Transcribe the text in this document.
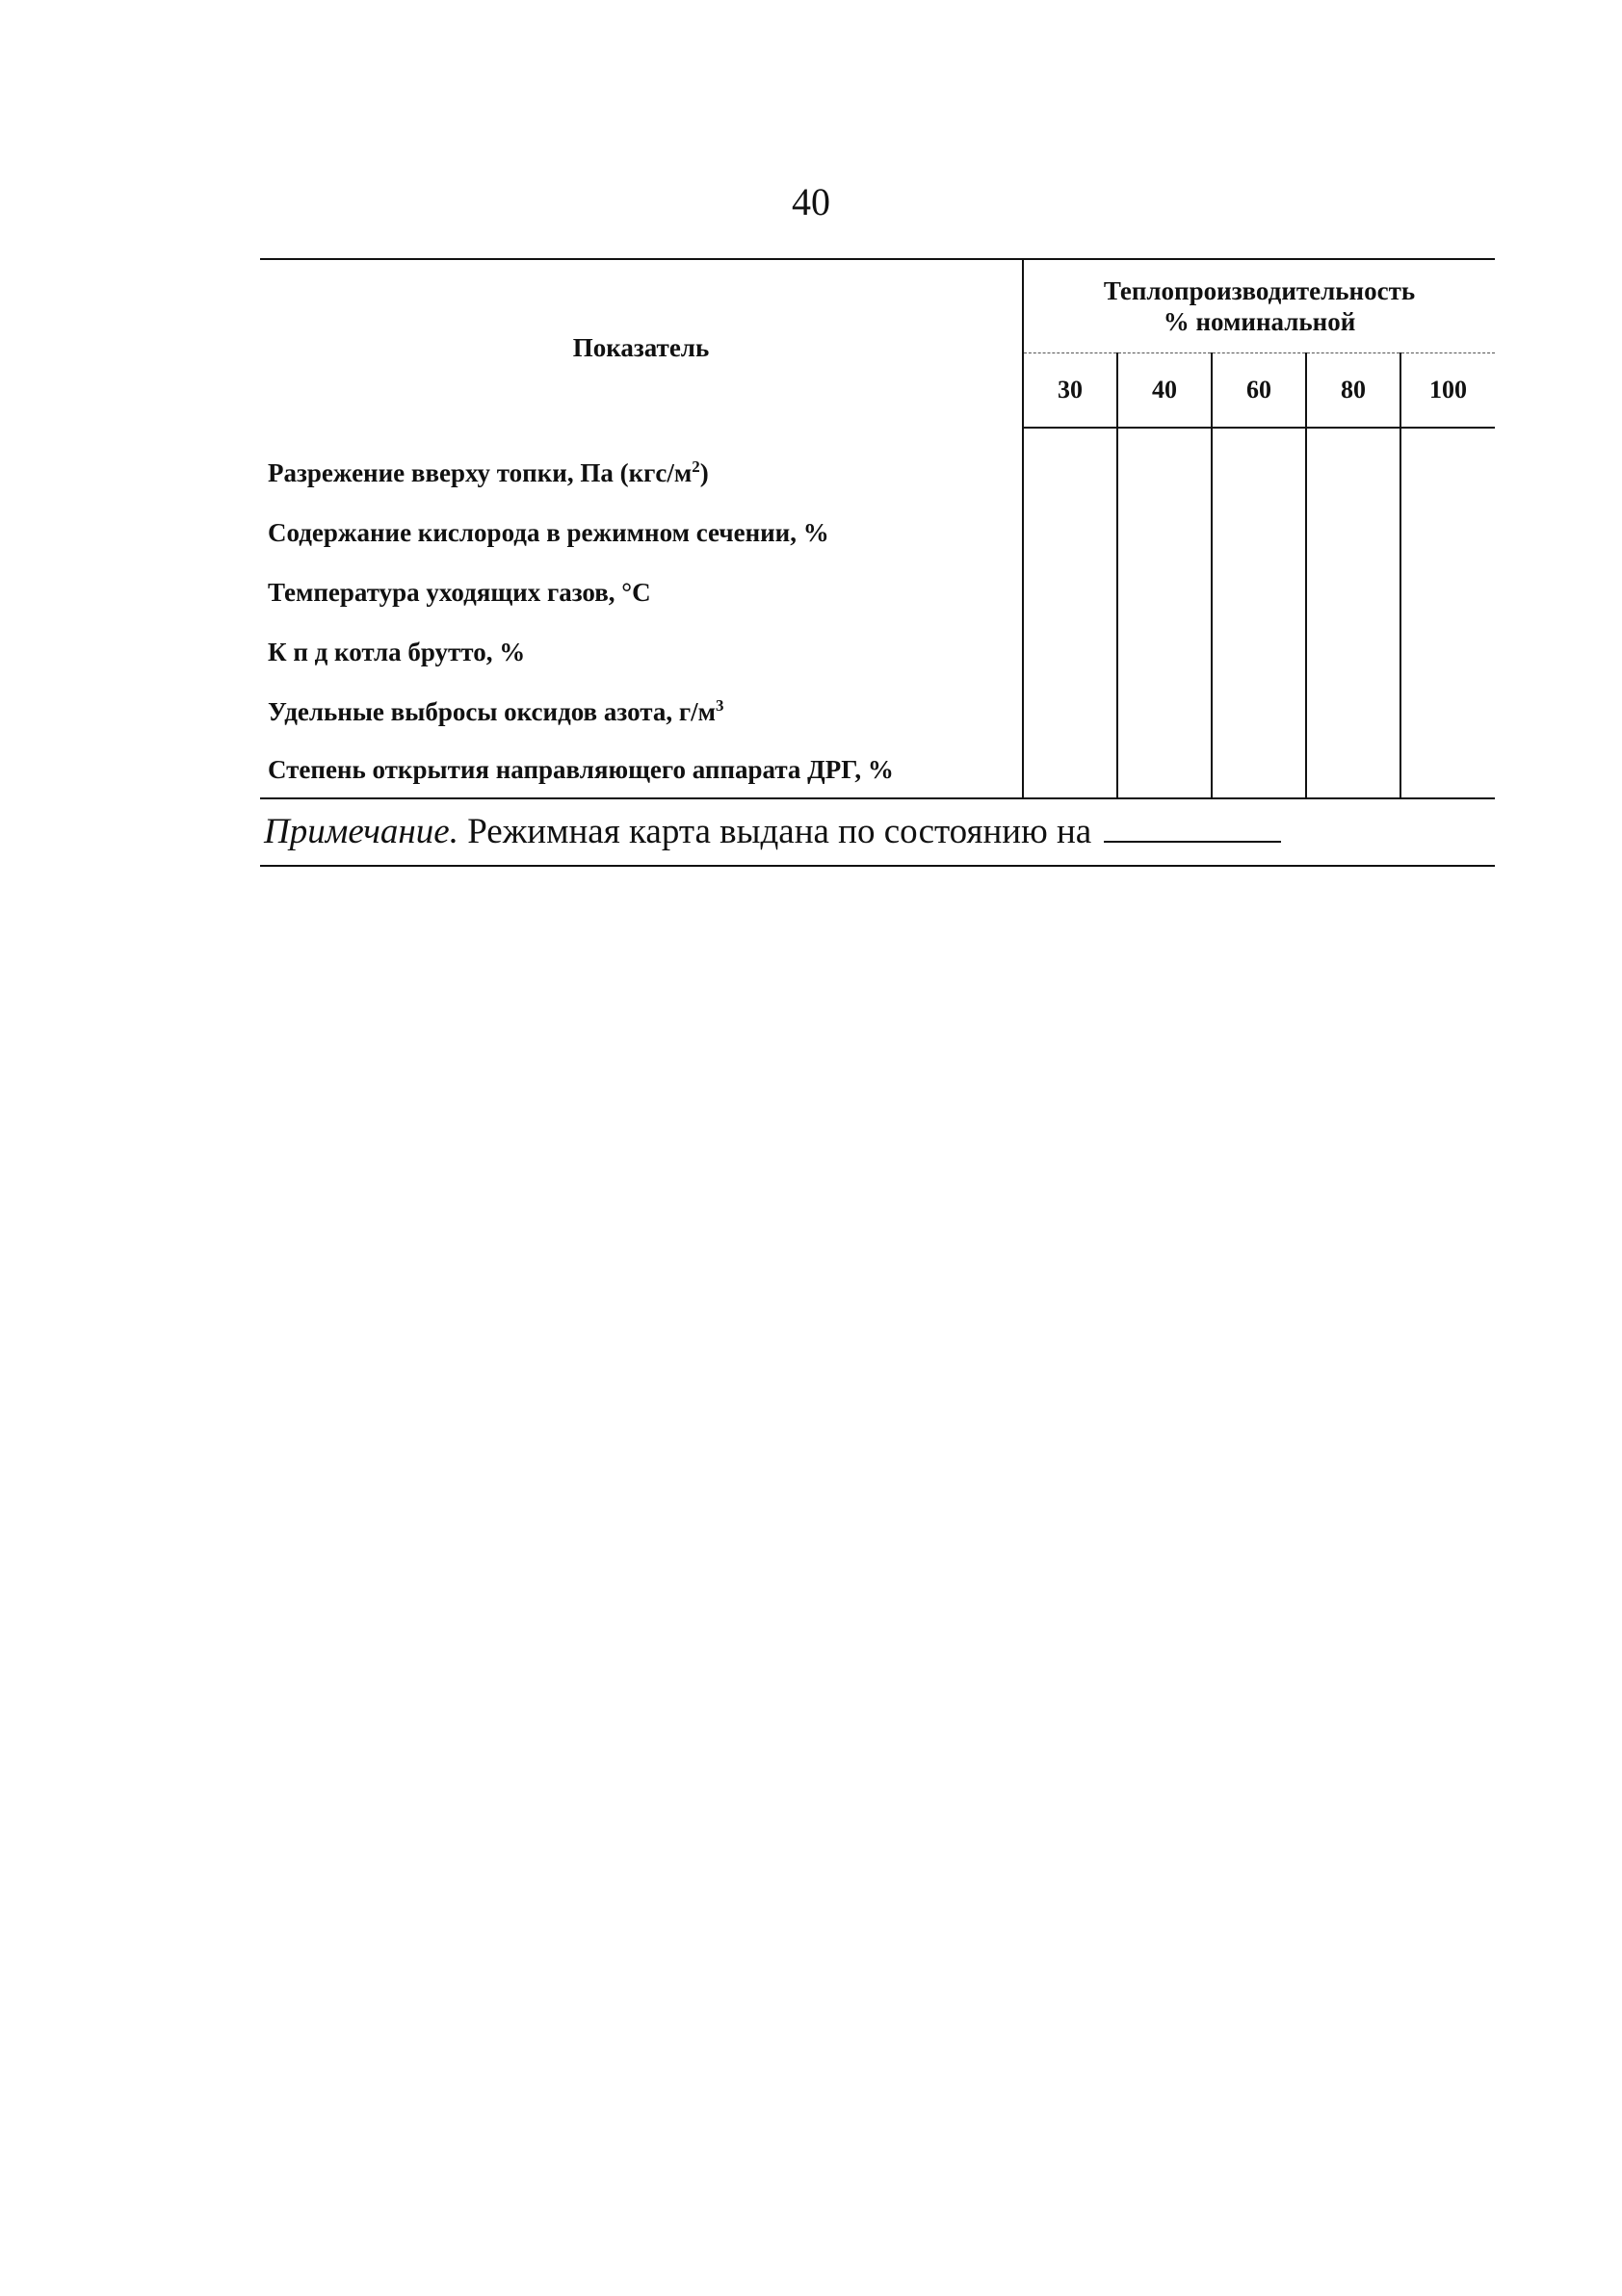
40
Показатель	Теплопроизводительность
% номинальной				

	30	40	60	80	100
Разрежение вверху топки, Па $(кгс/м^2)$					
Содержание кислорода в режимном сечении, %					
Температура уходящих газов, °С					
К п д котла брутто, %					
Удельные выбросы оксидов азота, $г/м^3$					
Степень открытия направляющего аппарата ДРГ, %					
Примечание. Режимная карта выдана по состоянию на
